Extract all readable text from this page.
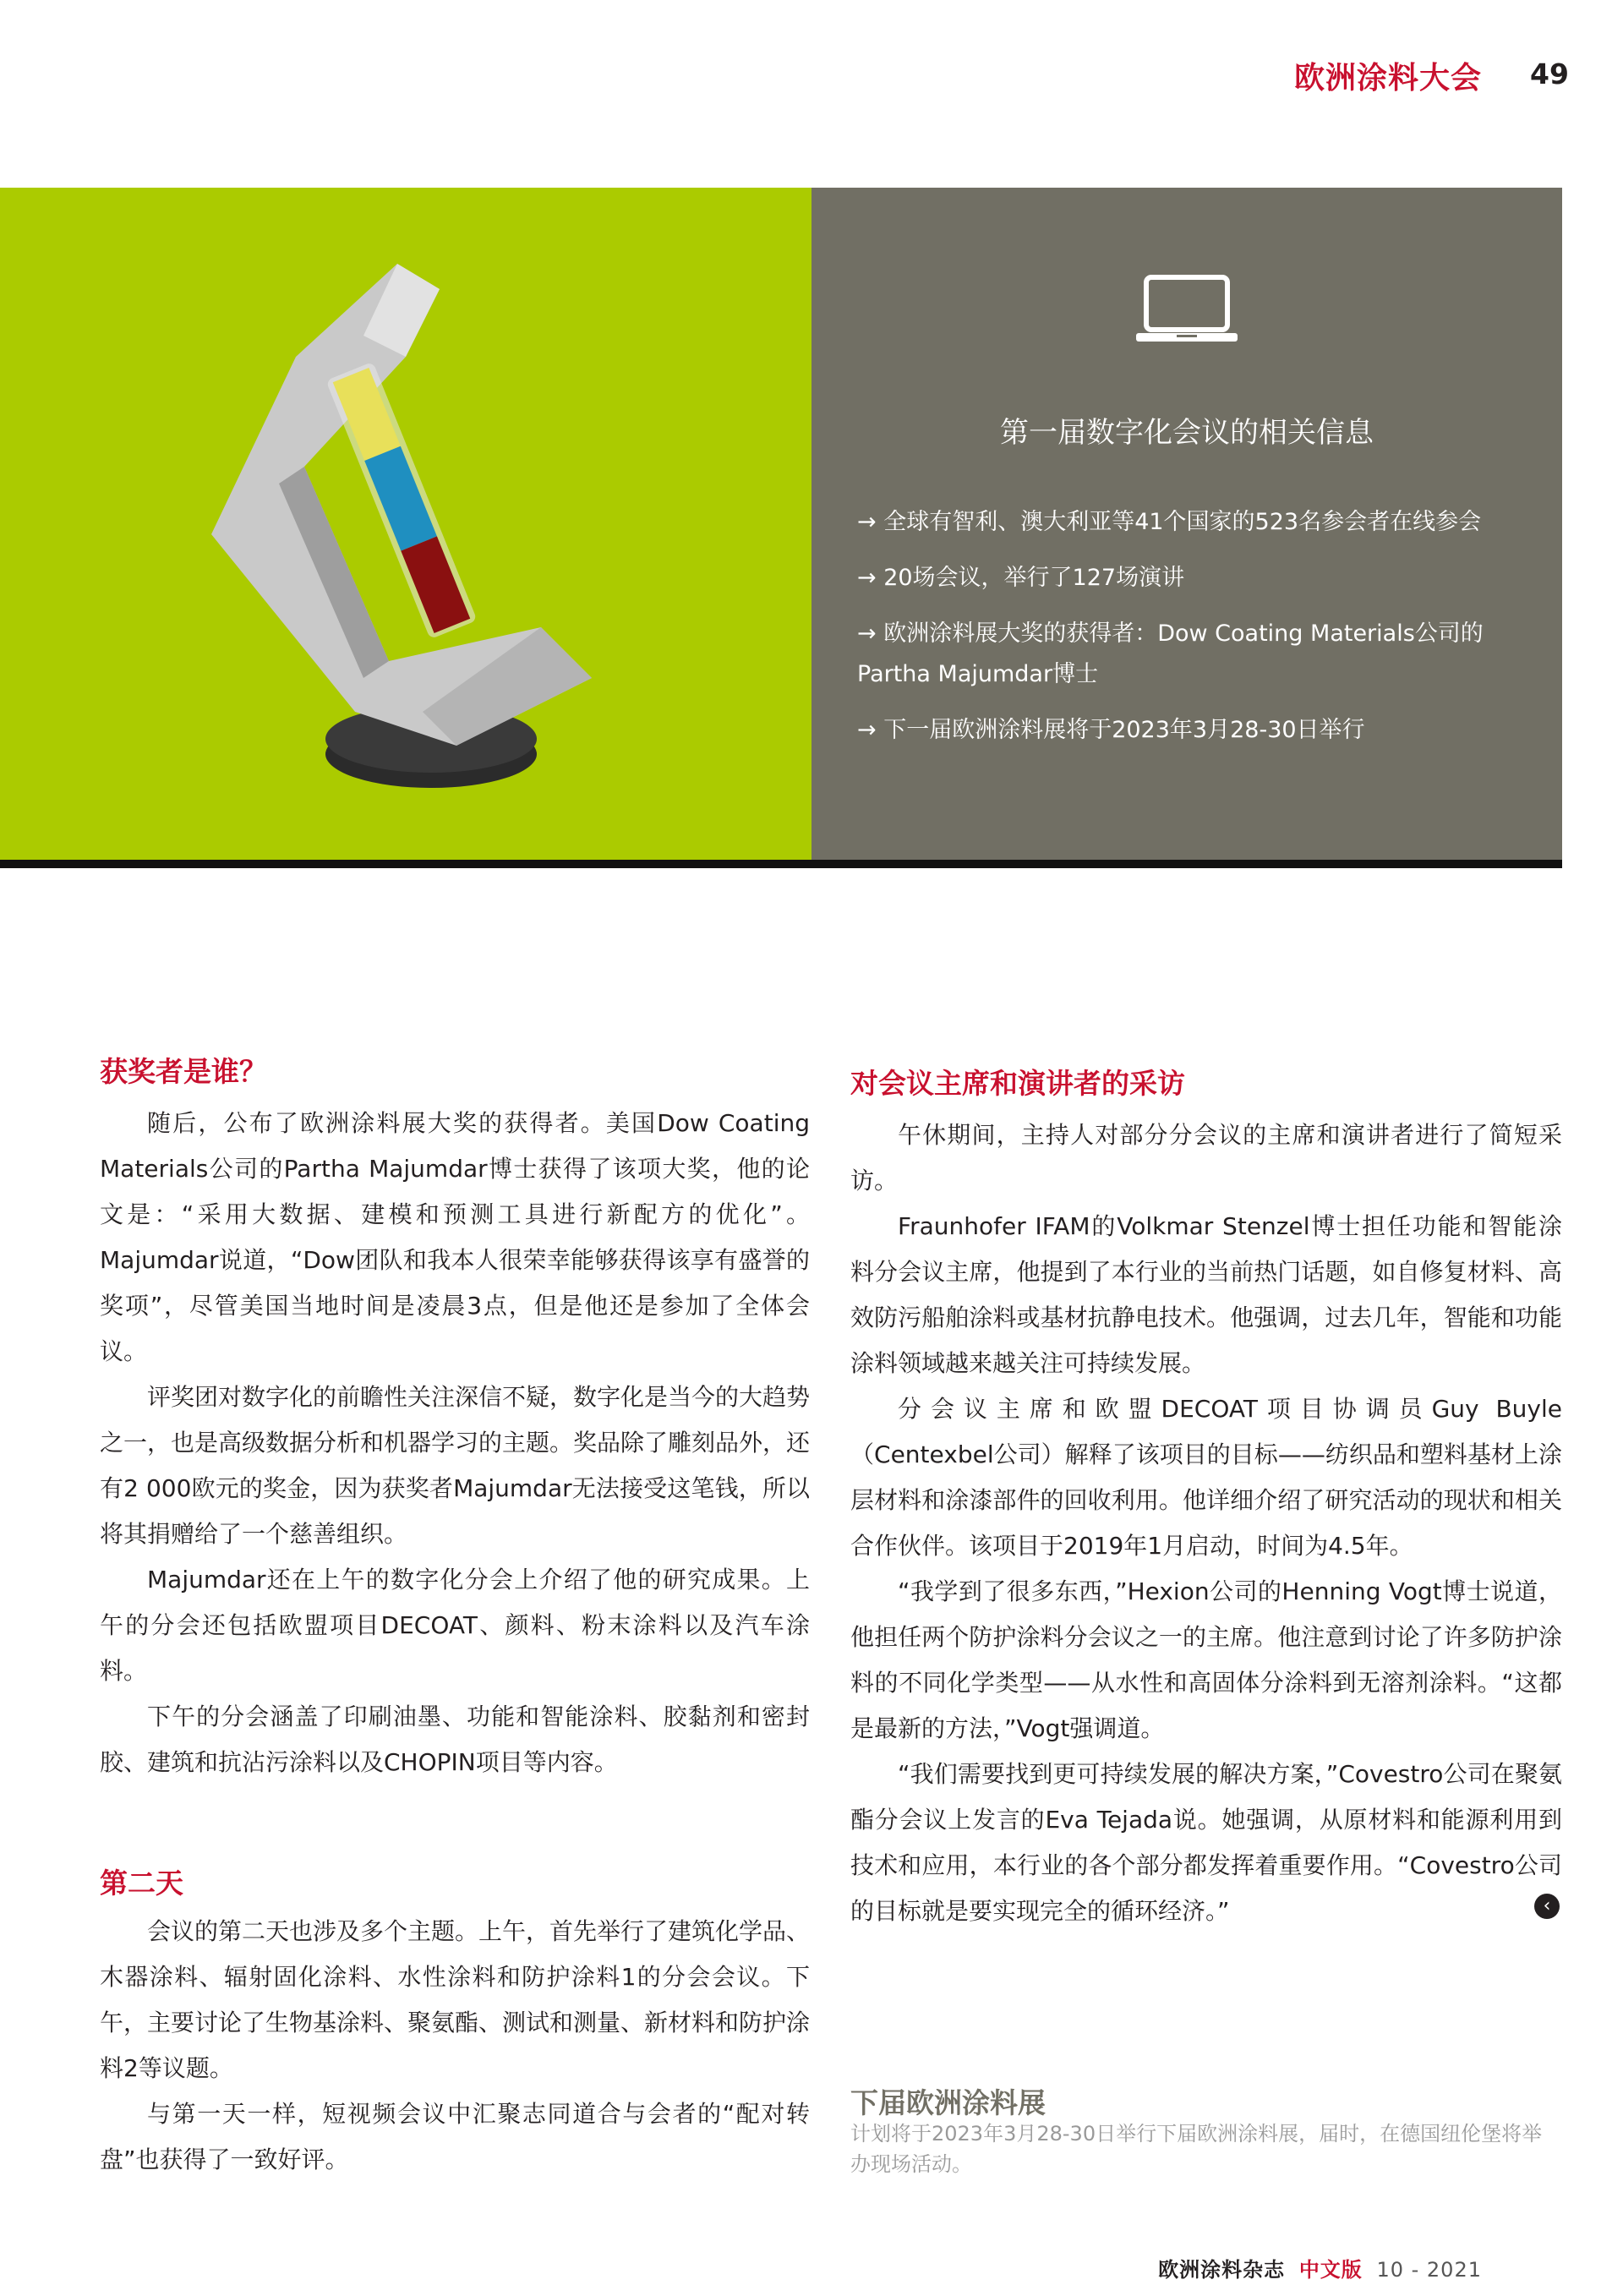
欧洲涂料大会 49
第一届数字化会议的相关信息
→ 全球有智利、澳大利亚等41个国家的523名参会者在线参会
→ 20场会议，举行了127场演讲
→ 欧洲涂料展大奖的获得者：Dow Coating Materials公司的Partha Majumdar博士
→ 下一届欧洲涂料展将于2023年3月28-30日举行
获奖者是谁？

随后，公布了欧洲涂料展大奖的获得者。美国Dow Coating Materials公司的Partha Majumdar博士获得了该项大奖，他的论文是：“采用大数据、建模和预测工具进行新配方的优化”。Majumdar说道，“Dow团队和我本人很荣幸能够获得该享有盛誉的奖项”，尽管美国当地时间是凌晨3点，但是他还是参加了全体会议。

评奖团对数字化的前瞻性关注深信不疑，数字化是当今的大趋势之一，也是高级数据分析和机器学习的主题。奖品除了雕刻品外，还有2 000欧元的奖金，因为获奖者Majumdar无法接受这笔钱，所以将其捐赠给了一个慈善组织。

Majumdar还在上午的数字化分会上介绍了他的研究成果。上午的分会还包括欧盟项目DECOAT、颜料、粉末涂料以及汽车涂料。

下午的分会涵盖了印刷油墨、功能和智能涂料、胶黏剂和密封胶、建筑和抗沾污涂料以及CHOPIN项目等内容。

第二天

会议的第二天也涉及多个主题。上午，首先举行了建筑化学品、木器涂料、辐射固化涂料、水性涂料和防护涂料1的分会会议。下午，主要讨论了生物基涂料、聚氨酯、测试和测量、新材料和防护涂料2等议题。

与第一天一样，短视频会议中汇聚志同道合与会者的“配对转盘”也获得了一致好评。

对会议主席和演讲者的采访

午休期间，主持人对部分分会议的主席和演讲者进行了简短采访。

Fraunhofer IFAM的Volkmar Stenzel博士担任功能和智能涂料分会议主席，他提到了本行业的当前热门话题，如自修复材料、高效防污船舶涂料或基材抗静电技术。他强调，过去几年，智能和功能涂料领域越来越关注可持续发展。

分会议主席和欧盟DECOAT项目协调员Guy Buyle（Centexbel公司）解释了该项目的目标——纺织品和塑料基材上涂层材料和涂漆部件的回收利用。他详细介绍了研究活动的现状和相关合作伙伴。该项目于2019年1月启动，时间为4.5年。

“我学到了很多东西，”Hexion公司的Henning Vogt博士说道，他担任两个防护涂料分会议之一的主席。他注意到讨论了许多防护涂料的不同化学类型——从水性和高固体分涂料到无溶剂涂料。“这都是最新的方法，”Vogt强调道。

“我们需要找到更可持续发展的解决方案，”Covestro公司在聚氨酯分会议上发言的Eva Tejada说。她强调，从原材料和能源利用到技术和应用，本行业的各个部分都发挥着重要作用。“Covestro公司的目标就是要实现完全的循环经济。”	‹
下届欧洲涂料展
计划将于2023年3月28-30日举行下届欧洲涂料展，届时，在德国纽伦堡将举办现场活动。
欧洲涂料杂志 中文版 10 - 2021
